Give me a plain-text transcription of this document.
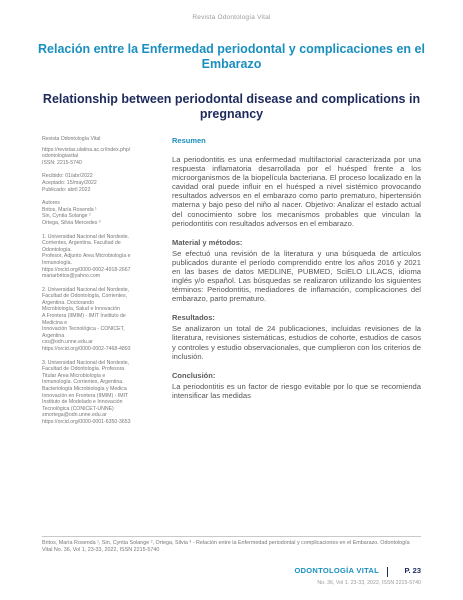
Revista Odontología Vital
Relación entre la Enfermedad periodontal y complicaciones en el Embarazo
Relationship between periodontal disease and complications in pregnancy
Revista Odontología Vital
https://revistas.ulatina.ac.cr/index.php/
odontologiavital
ISSN: 2215-5740
Recibido: 01/abr/2022
Aceptado: 15/may/2022
Publicado: abril 2022
Autores
Britos, María Rosenda ¹
Sin, Cyntia Solange ²
Ortega, Silvia Mercedes ³
1. Universidad Nacional del Nordeste.
Corrientes, Argentina. Facultad de
Odontología.
Profesor, Adjunto Área Microbiología e
Inmunología.
https://orcid.org/0000-0002-4918-2667
mariarbritos@yahoo.com
2. Universidad Nacional del Nordeste,
Facultad de Odontología, Corrientes,
Argentina. Doctorando
Microbiología, Salud e Innovación
A Frontera (IIMIM) - IMIT Instituto de
Medicina e
Innovación Tecnológica - CONICET,
Argentina
css@odn.unne.edu.ar
https://orcid.org/0000-0002-7468-4893
3. Universidad Nacional del Nordeste,
Facultad de Odontología. Profesora
Titular Área Microbiología e
Inmunología. Corrientes, Argentina.
Bacteriología Microbiología y Medica
Innovación en Frontera (IIMIM) - IMIT
Instituto de Modelado e Innovación
Tecnológica (CONICET-UNNE)
smortega@odn.unne.edu.ar
https://orcid.org/0000-0001-6350-3653
Resumen

La periodontitis es una enfermedad multifactorial caracterizada por una respuesta inflamatoria desarrollada por el huésped frente a los microorganismos de la biopelícula bacteriana. El proceso localizado en la cavidad oral puede influir en el huésped a nivel sistémico provocando resultados adversos en el embarazo como parto prematuro, hipertensión materna y bajo peso del niño al nacer. Objetivo: Analizar el estado actual del conocimiento sobre los mecanismos probables que vinculan la periodontitis con resultados adversos en el embarazo.

Material y métodos:

Se efectuó una revisión de la literatura y una búsqueda de artículos publicados durante el período comprendido entre los años 2016 y 2021 en las bases de datos MEDLINE, PUBMED, SciELO LILACS, idioma inglés y/o español. Las búsquedas se realizaron utilizando los siguientes términos: Periodontitis, mediadores de inflamación, complicaciones del embarazo, parto prematuro.

Resultados:

Se analizaron un total de 24 publicaciones, incluidas revisiones de la literatura, revisiones sistemáticas, estudios de cohorte, estudios de casos y controles y estudio observacionales, que cumplieron con los criterios de inclusión.

Conclusión:

La periodontitis es un factor de riesgo evitable por lo que se recomienda intensificar las medidas

Britos, María Rosenda ¹, Sin, Cyntia Solange ², Ortega, Silvia ³ - Relación entre la Enfermedad periodontal y complicaciones en el Embarazo. Odontología Vital No. 36, Vol 1, 23-33, 2022, ISSN 2215-5740

ODONTOLOGÍA VITAL	P. 23
No. 36, Vol 1. 23-33, 2022, ISSN 2215-5740
